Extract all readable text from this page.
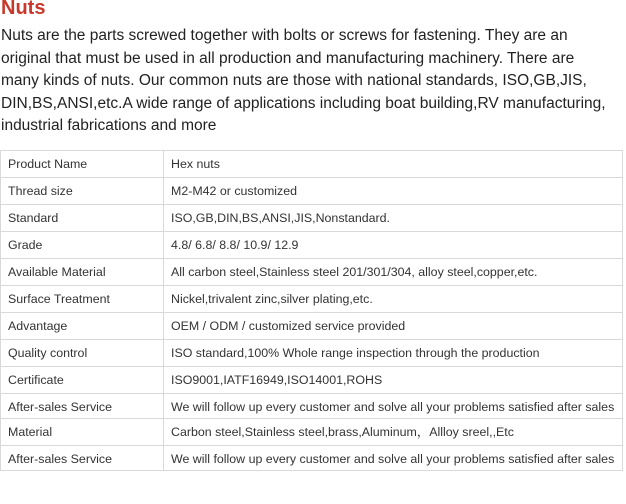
Nuts

Nuts are the parts screwed together with bolts or screws for fastening. They are an original that must be used in all production and manufacturing machinery. There are many kinds of nuts. Our common nuts are those with national standards, ISO,GB,JIS, DIN,BS,ANSI,etc.A wide range of applications including boat building,RV manufacturing, industrial fabrications and more

Product Name	Hex nuts
Thread size	M2-M42 or customized
Standard	ISO,GB,DIN,BS,ANSI,JIS,Nonstandard.
Grade	4.8/ 6.8/ 8.8/ 10.9/ 12.9
Available Material	All carbon steel,Stainless steel 201/301/304, alloy steel,copper,etc.
Surface Treatment	Nickel,trivalent zinc,silver plating,etc.
Advantage	OEM / ODM / customized service provided
Quality control	ISO standard,100% Whole range inspection through the production
Certificate	ISO9001,IATF16949,ISO14001,ROHS
After-sales Service	We will follow up every customer and solve all your problems satisfied after sales
Material	Carbon steel,Stainless steel,brass,Aluminum，Allloy sreel,,Etc
After-sales Service	We will follow up every customer and solve all your problems satisfied after sales
